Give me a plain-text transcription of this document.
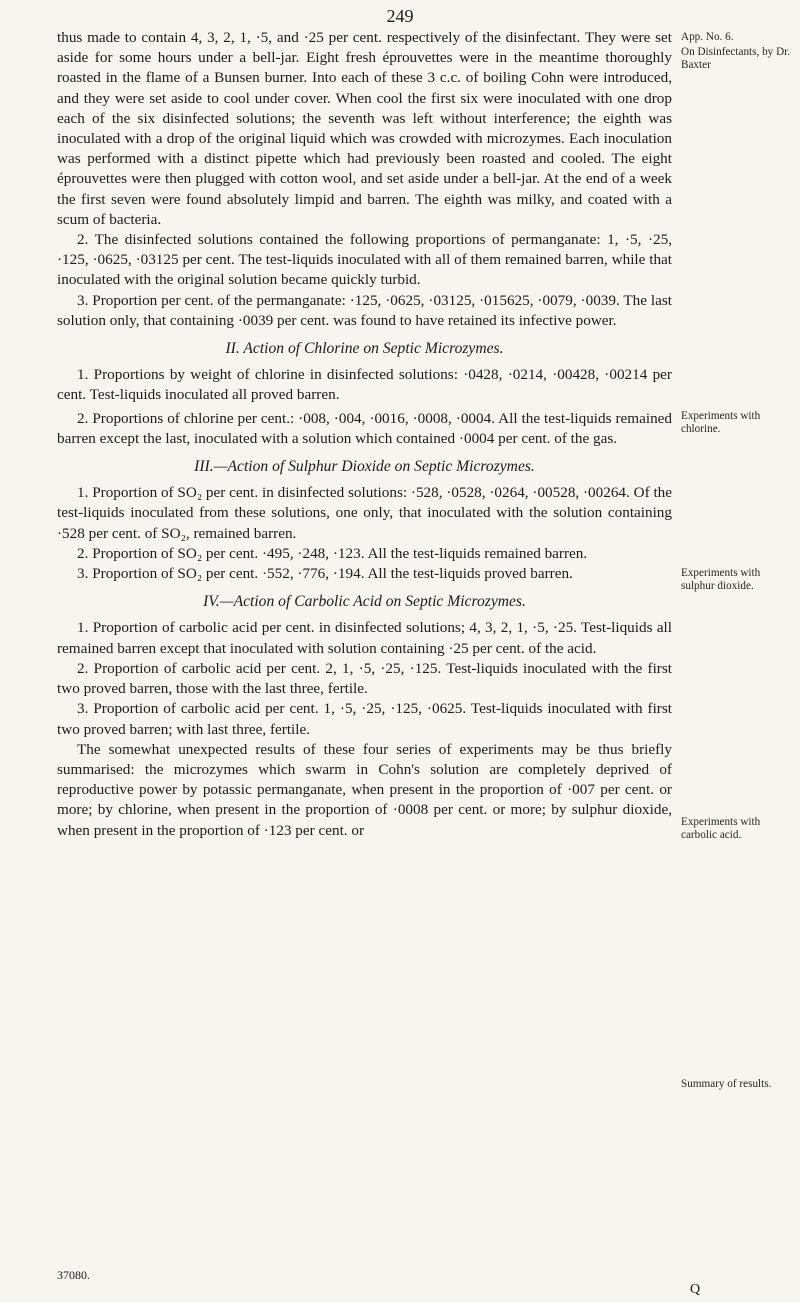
249

thus made to contain 4, 3, 2, 1, ·5, and ·25 per cent. respectively of the disinfectant. They were set aside for some hours under a bell-jar. Eight fresh éprouvettes were in the meantime thoroughly roasted in the flame of a Bunsen burner. Into each of these 3 c.c. of boiling Cohn were introduced, and they were set aside to cool under cover. When cool the first six were inoculated with one drop each of the six disinfected solutions; the seventh was left without interference; the eighth was inoculated with a drop of the original liquid which was crowded with microzymes. Each inoculation was performed with a distinct pipette which had previously been roasted and cooled. The eight éprouvettes were then plugged with cotton wool, and set aside under a bell-jar. At the end of a week the first seven were found absolutely limpid and barren. The eighth was milky, and coated with a scum of bacteria.

2. The disinfected solutions contained the following proportions of permanganate: 1, ·5, ·25, ·125, ·0625, ·03125 per cent. The test-liquids inoculated with all of them remained barren, while that inoculated with the original solution became quickly turbid.

3. Proportion per cent. of the permanganate: ·125, ·0625, ·03125, ·015625, ·0079, ·0039. The last solution only, that containing ·0039 per cent. was found to have retained its infective power.

II. Action of Chlorine on Septic Microzymes.

1. Proportions by weight of chlorine in disinfected solutions: ·0428, ·0214, ·00428, ·00214 per cent. Test-liquids inoculated all proved barren.

2. Proportions of chlorine per cent.: ·008, ·004, ·0016, ·0008, ·0004. All the test-liquids remained barren except the last, inoculated with a solution which contained ·0004 per cent. of the gas.

III.—Action of Sulphur Dioxide on Septic Microzymes.

1. Proportion of SO₂ per cent. in disinfected solutions: ·528, ·0528, ·0264, ·00528, ·00264. Of the test-liquids inoculated from these solutions, one only, that inoculated with the solution containing ·528 per cent. of SO₂, remained barren.

2. Proportion of SO₂ per cent. ·495, ·248, ·123. All the test-liquids remained barren.

3. Proportion of SO₂ per cent. ·552, ·776, ·194. All the test-liquids proved barren.

IV.—Action of Carbolic Acid on Septic Microzymes.

1. Proportion of carbolic acid per cent. in disinfected solutions; 4, 3, 2, 1, ·5, ·25. Test-liquids all remained barren except that inoculated with solution containing ·25 per cent. of the acid.

2. Proportion of carbolic acid per cent. 2, 1, ·5, ·25, ·125. Test-liquids inoculated with the first two proved barren, those with the last three, fertile.

3. Proportion of carbolic acid per cent. 1, ·5, ·25, ·125, ·0625. Test-liquids inoculated with first two proved barren; with last three, fertile.

The somewhat unexpected results of these four series of experiments may be thus briefly summarised: the microzymes which swarm in Cohn's solution are completely deprived of reproductive power by potassic permanganate, when present in the proportion of ·007 per cent. or more; by chlorine, when present in the proportion of ·0008 per cent. or more; by sulphur dioxide, when present in the proportion of ·123 per cent. or

App. No. 6.
On Disinfectants, by Dr. Baxter
Experiments with chlorine.
Experiments with sulphur dioxide.
Experiments with carbolic acid.
Summary of results.
37080.
Q
